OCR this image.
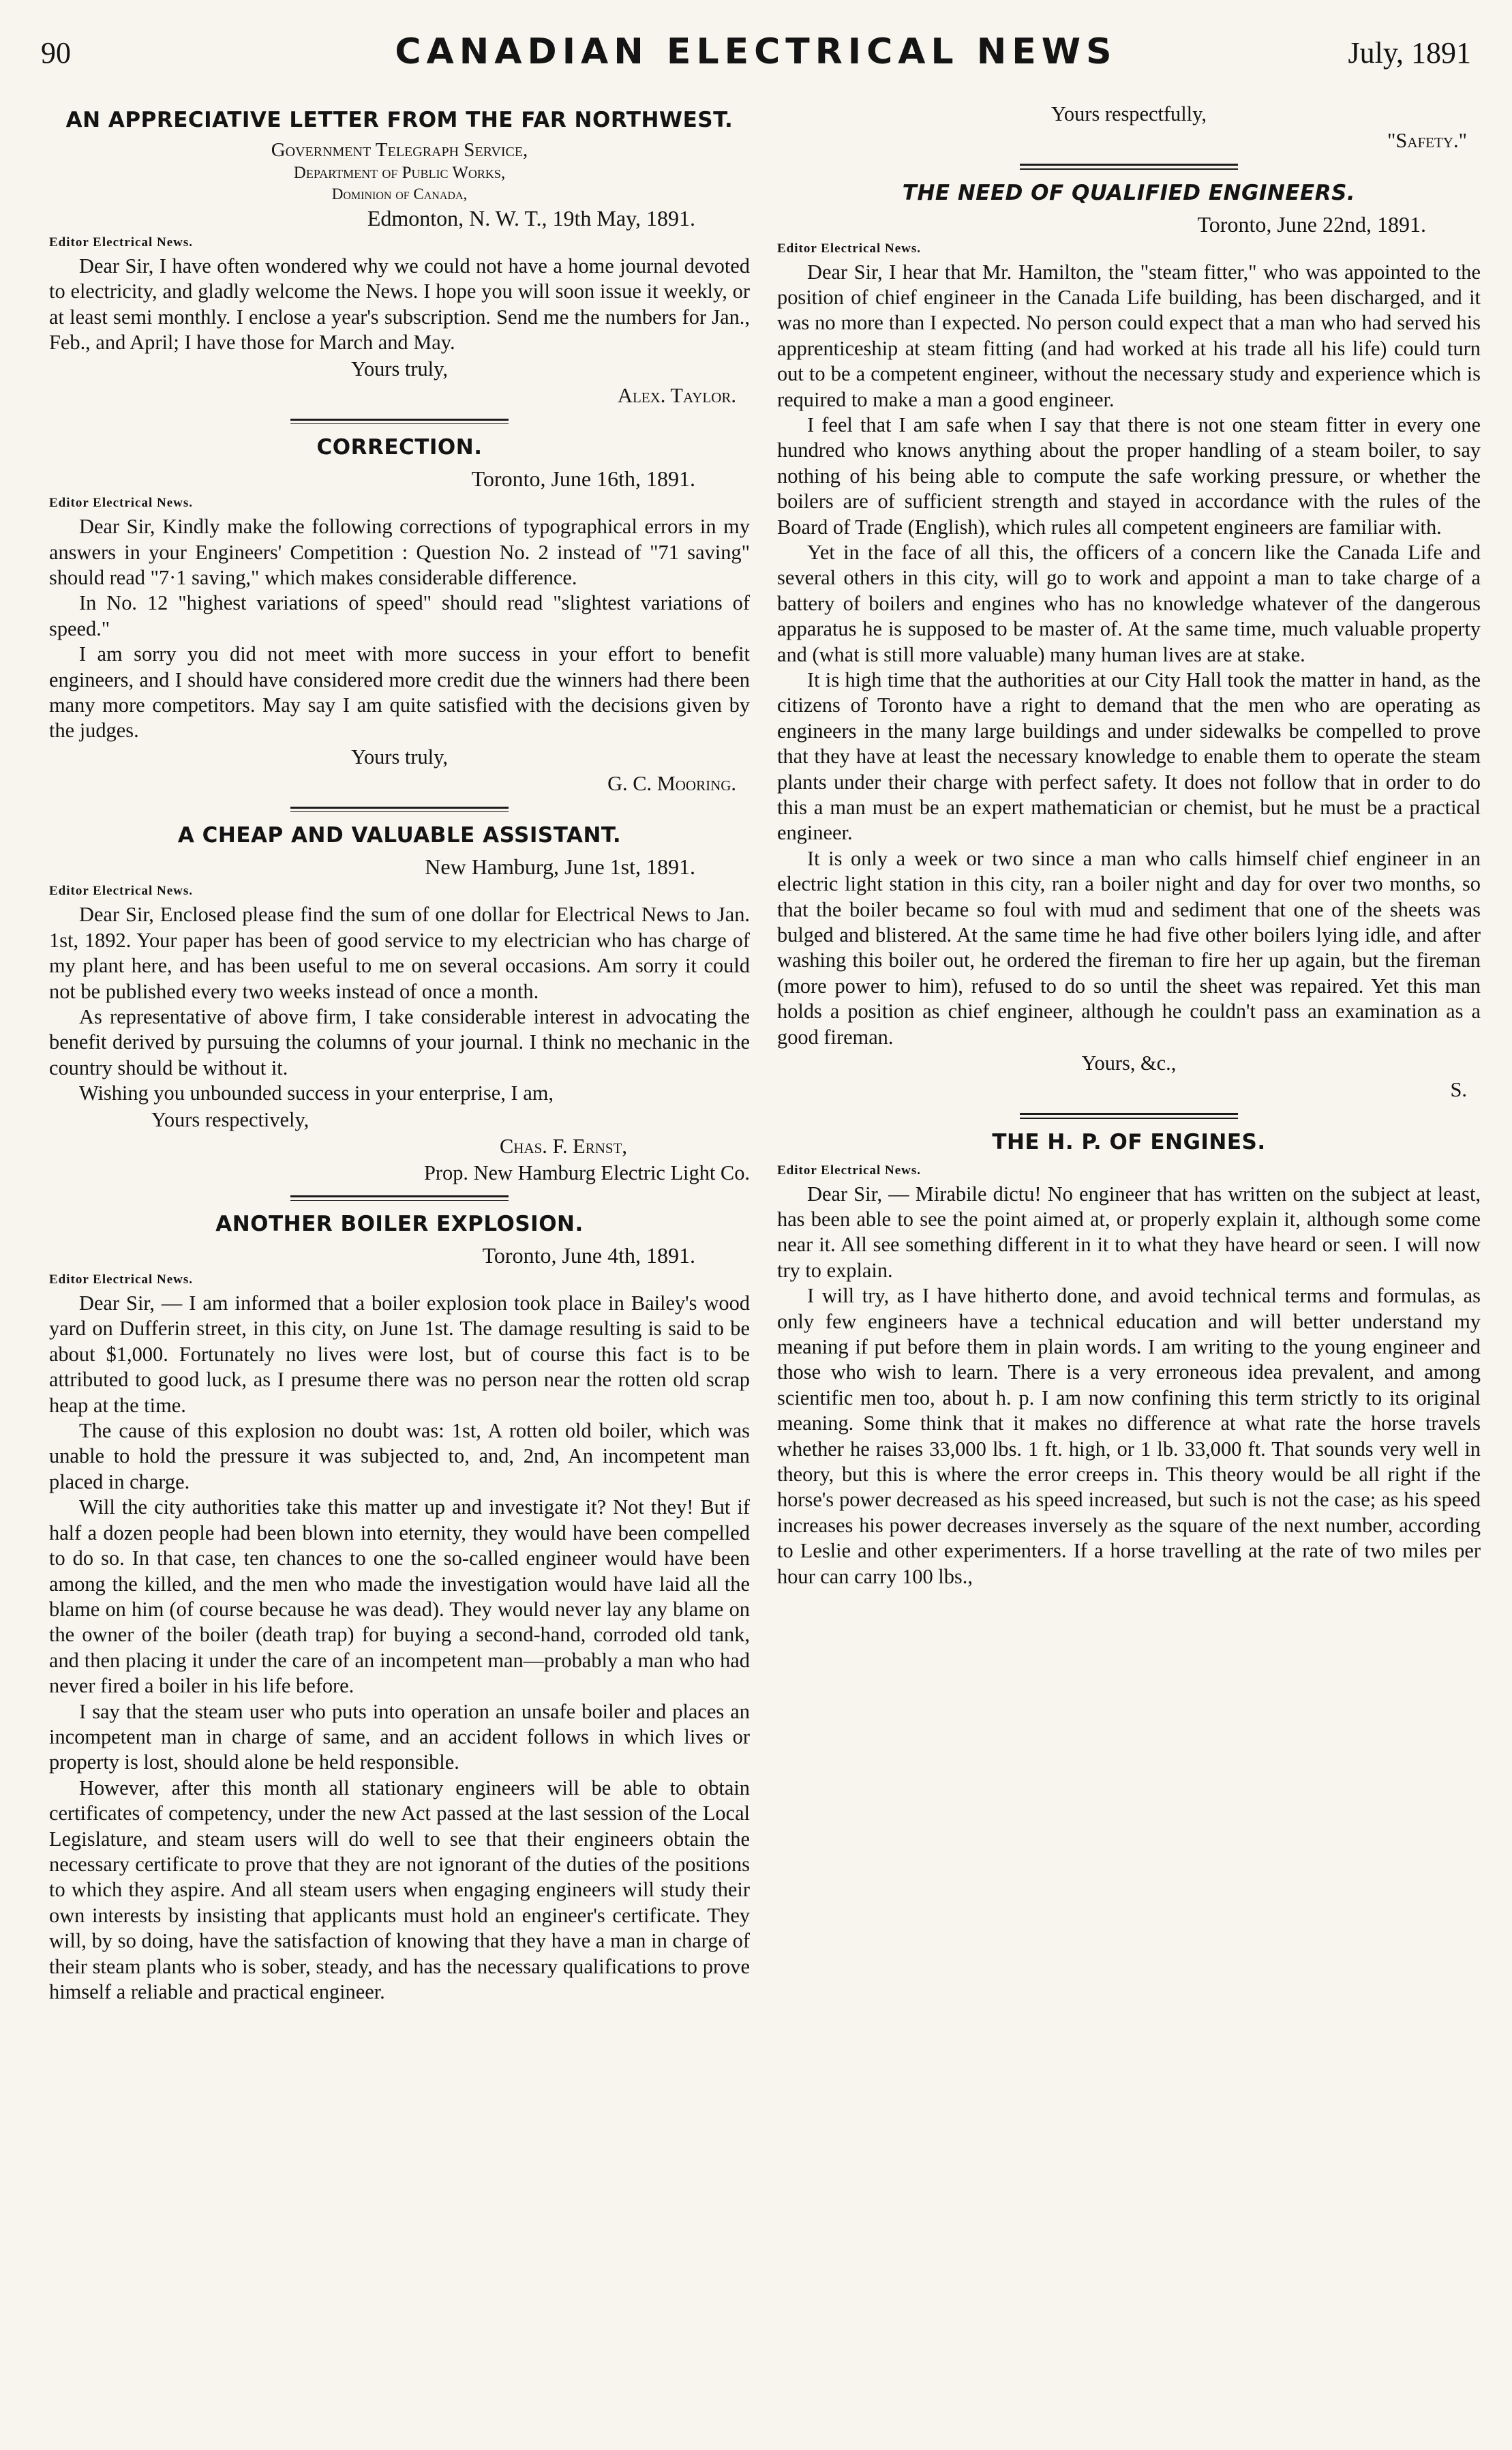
90	CANADIAN ELECTRICAL NEWS	July, 1891
AN APPRECIATIVE LETTER FROM THE FAR NORTHWEST.
Government Telegraph Service,
Department of Public Works,
Dominion of Canada,
Edmonton, N. W. T., 19th May, 1891.
Editor Electrical News.

Dear Sir, I have often wondered why we could not have a home journal devoted to electricity, and gladly welcome the News. I hope you will soon issue it weekly, or at least semi monthly. I enclose a year's subscription. Send me the numbers for Jan., Feb., and April; I have those for March and May.

Yours truly,
Alex. Taylor.
CORRECTION.
Toronto, June 16th, 1891.
Editor Electrical News.

Dear Sir, Kindly make the following corrections of typographical errors in my answers in your Engineers' Competition : Question No. 2 instead of "71 saving" should read "7·1 saving," which makes considerable difference.

In No. 12 "highest variations of speed" should read "slightest variations of speed."

I am sorry you did not meet with more success in your effort to benefit engineers, and I should have considered more credit due the winners had there been many more competitors. May say I am quite satisfied with the decisions given by the judges.

Yours truly,
G. C. Mooring.
A CHEAP AND VALUABLE ASSISTANT.
New Hamburg, June 1st, 1891.
Editor Electrical News.

Dear Sir, Enclosed please find the sum of one dollar for Electrical News to Jan. 1st, 1892. Your paper has been of good service to my electrician who has charge of my plant here, and has been useful to me on several occasions. Am sorry it could not be published every two weeks instead of once a month.

As representative of above firm, I take considerable interest in advocating the benefit derived by pursuing the columns of your journal. I think no mechanic in the country should be without it.

Wishing you unbounded success in your enterprise, I am,

Yours respectively,
Chas. F. Ernst,
Prop. New Hamburg Electric Light Co.
ANOTHER BOILER EXPLOSION.
Toronto, June 4th, 1891.
Editor Electrical News.

Dear Sir, — I am informed that a boiler explosion took place in Bailey's wood yard on Dufferin street, in this city, on June 1st. The damage resulting is said to be about $1,000. Fortunately no lives were lost, but of course this fact is to be attributed to good luck, as I presume there was no person near the rotten old scrap heap at the time.

The cause of this explosion no doubt was: 1st, A rotten old boiler, which was unable to hold the pressure it was subjected to, and, 2nd, An incompetent man placed in charge.

Will the city authorities take this matter up and investigate it? Not they! But if half a dozen people had been blown into eternity, they would have been compelled to do so. In that case, ten chances to one the so-called engineer would have been among the killed, and the men who made the investigation would have laid all the blame on him (of course because he was dead). They would never lay any blame on the owner of the boiler (death trap) for buying a second-hand, corroded old tank, and then placing it under the care of an incompetent man—probably a man who had never fired a boiler in his life before.

I say that the steam user who puts into operation an unsafe boiler and places an incompetent man in charge of same, and an accident follows in which lives or property is lost, should alone be held responsible.

However, after this month all stationary engineers will be able to obtain certificates of competency, under the new Act passed at the last session of the Local Legislature, and steam users will do well to see that their engineers obtain the necessary certificate to prove that they are not ignorant of the duties of the positions to which they aspire. And all steam users when engaging engineers will study their own interests by insisting that applicants must hold an engineer's certificate. They will, by so doing, have the satisfaction of knowing that they have a man in charge of their steam plants who is sober, steady, and has the necessary qualifications to prove himself a reliable and practical engineer.

Yours respectfully,
"Safety."
THE NEED OF QUALIFIED ENGINEERS.
Toronto, June 22nd, 1891.
Editor Electrical News.

Dear Sir, I hear that Mr. Hamilton, the "steam fitter," who was appointed to the position of chief engineer in the Canada Life building, has been discharged, and it was no more than I expected. No person could expect that a man who had served his apprenticeship at steam fitting (and had worked at his trade all his life) could turn out to be a competent engineer, without the necessary study and experience which is required to make a man a good engineer.

I feel that I am safe when I say that there is not one steam fitter in every one hundred who knows anything about the proper handling of a steam boiler, to say nothing of his being able to compute the safe working pressure, or whether the boilers are of sufficient strength and stayed in accordance with the rules of the Board of Trade (English), which rules all competent engineers are familiar with.

Yet in the face of all this, the officers of a concern like the Canada Life and several others in this city, will go to work and appoint a man to take charge of a battery of boilers and engines who has no knowledge whatever of the dangerous apparatus he is supposed to be master of. At the same time, much valuable property and (what is still more valuable) many human lives are at stake.

It is high time that the authorities at our City Hall took the matter in hand, as the citizens of Toronto have a right to demand that the men who are operating as engineers in the many large buildings and under sidewalks be compelled to prove that they have at least the necessary knowledge to enable them to operate the steam plants under their charge with perfect safety. It does not follow that in order to do this a man must be an expert mathematician or chemist, but he must be a practical engineer.

It is only a week or two since a man who calls himself chief engineer in an electric light station in this city, ran a boiler night and day for over two months, so that the boiler became so foul with mud and sediment that one of the sheets was bulged and blistered. At the same time he had five other boilers lying idle, and after washing this boiler out, he ordered the fireman to fire her up again, but the fireman (more power to him), refused to do so until the sheet was repaired. Yet this man holds a position as chief engineer, although he couldn't pass an examination as a good fireman.

Yours, &c.,
S.
THE H. P. OF ENGINES.
Editor Electrical News.

Dear Sir, — Mirabile dictu! No engineer that has written on the subject at least, has been able to see the point aimed at, or properly explain it, although some come near it. All see something different in it to what they have heard or seen. I will now try to explain.

I will try, as I have hitherto done, and avoid technical terms and formulas, as only few engineers have a technical education and will better understand my meaning if put before them in plain words. I am writing to the young engineer and those who wish to learn. There is a very erroneous idea prevalent, and among scientific men too, about h. p. I am now confining this term strictly to its original meaning. Some think that it makes no difference at what rate the horse travels whether he raises 33,000 lbs. 1 ft. high, or 1 lb. 33,000 ft. That sounds very well in theory, but this is where the error creeps in. This theory would be all right if the horse's power decreased as his speed increased, but such is not the case; as his speed increases his power decreases inversely as the square of the next number, according to Leslie and other experimenters. If a horse travelling at the rate of two miles per hour can carry 100 lbs.,
